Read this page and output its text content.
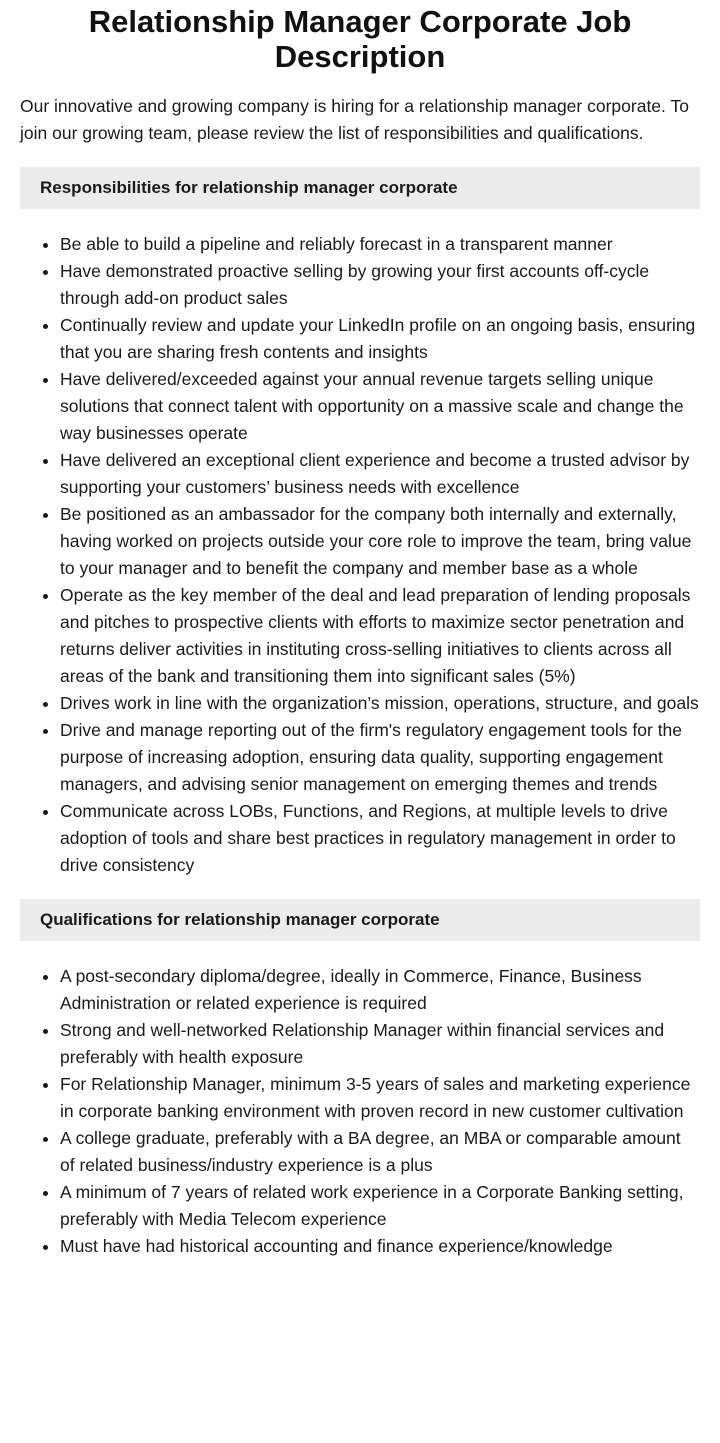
Relationship Manager Corporate Job Description

Our innovative and growing company is hiring for a relationship manager corporate. To join our growing team, please review the list of responsibilities and qualifications.

Responsibilities for relationship manager corporate
• Be able to build a pipeline and reliably forecast in a transparent manner
• Have demonstrated proactive selling by growing your first accounts off-cycle through add-on product sales
• Continually review and update your LinkedIn profile on an ongoing basis, ensuring that you are sharing fresh contents and insights
• Have delivered/exceeded against your annual revenue targets selling unique solutions that connect talent with opportunity on a massive scale and change the way businesses operate
• Have delivered an exceptional client experience and become a trusted advisor by supporting your customers’ business needs with excellence
• Be positioned as an ambassador for the company both internally and externally, having worked on projects outside your core role to improve the team, bring value to your manager and to benefit the company and member base as a whole
• Operate as the key member of the deal and lead preparation of lending proposals and pitches to prospective clients with efforts to maximize sector penetration and returns deliver activities in instituting cross-selling initiatives to clients across all areas of the bank and transitioning them into significant sales (5%)
• Drives work in line with the organization’s mission, operations, structure, and goals
• Drive and manage reporting out of the firm's regulatory engagement tools for the purpose of increasing adoption, ensuring data quality, supporting engagement managers, and advising senior management on emerging themes and trends
• Communicate across LOBs, Functions, and Regions, at multiple levels to drive adoption of tools and share best practices in regulatory management in order to drive consistency
Qualifications for relationship manager corporate
• A post-secondary diploma/degree, ideally in Commerce, Finance, Business Administration or related experience is required
• Strong and well-networked Relationship Manager within financial services and preferably with health exposure
• For Relationship Manager, minimum 3-5 years of sales and marketing experience in corporate banking environment with proven record in new customer cultivation
• A college graduate, preferably with a BA degree, an MBA or comparable amount of related business/industry experience is a plus
• A minimum of 7 years of related work experience in a Corporate Banking setting, preferably with Media Telecom experience
• Must have had historical accounting and finance experience/knowledge
